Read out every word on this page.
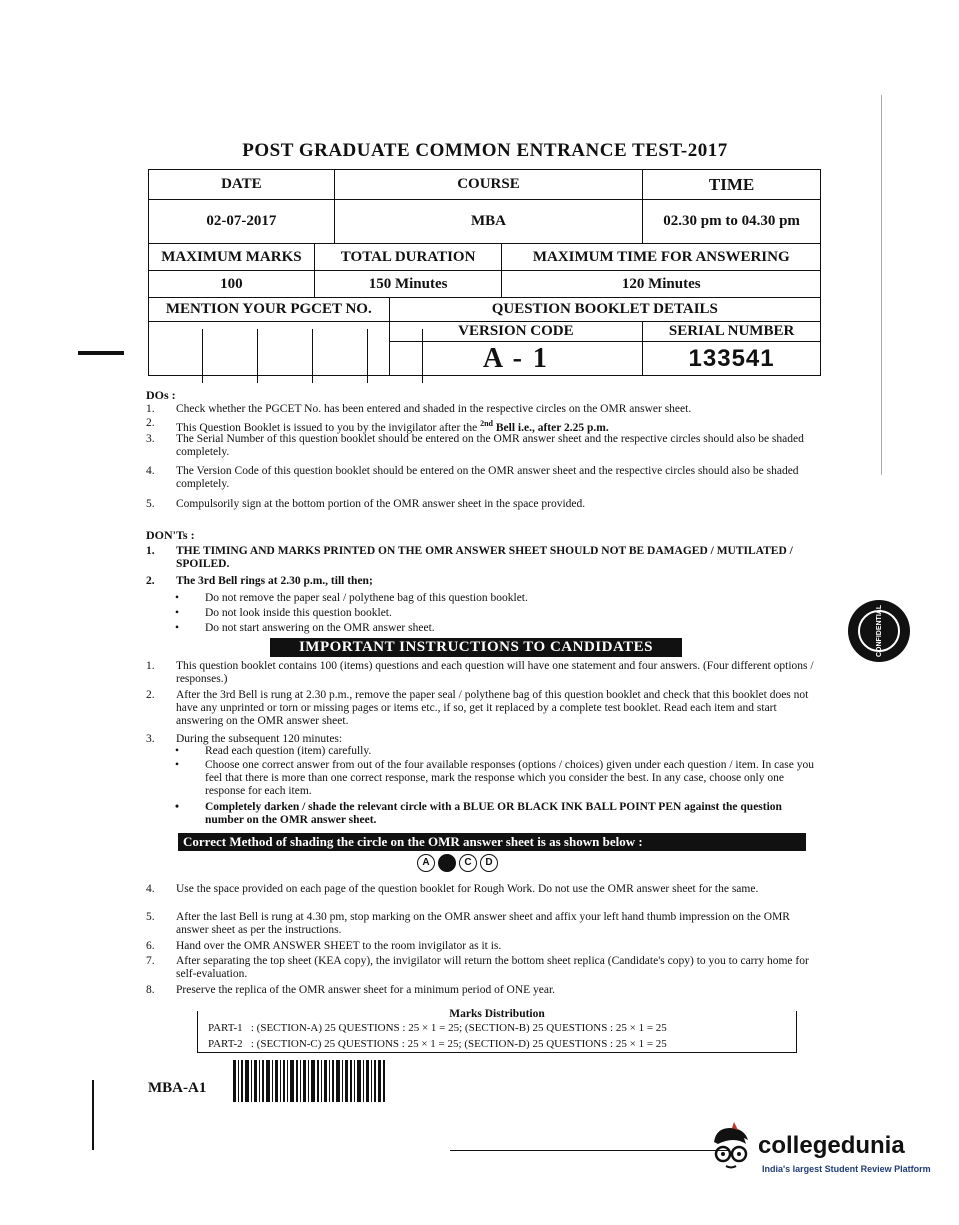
POST GRADUATE COMMON ENTRANCE TEST-2017
DATE		COURSE			TIME
02-07-2017		MBA			02.30 pm to 04.30 pm
MAXIMUM MARKS	TOTAL DURATION			MAXIMUM TIME FOR ANSWERING	
100	150 Minutes			120 Minutes	
MENTION YOUR PGCET NO.			QUESTION BOOKLET DETAILS		
			VERSION CODE		SERIAL NUMBER
			A - 1		133541
DOs :
1. Check whether the PGCET No. has been entered and shaded in the respective circles on the OMR answer sheet.
2. This Question Booklet is issued to you by the invigilator after the $^{2nd}$ Bell i.e., after 2.25 p.m.
3. The Serial Number of this question booklet should be entered on the OMR answer sheet and the respective circles should also be shaded completely.
4. The Version Code of this question booklet should be entered on the OMR answer sheet and the respective circles should also be shaded completely.
5. Compulsorily sign at the bottom portion of the OMR answer sheet in the space provided.
DON'Ts :
1. THE TIMING AND MARKS PRINTED ON THE OMR ANSWER SHEET SHOULD NOT BE DAMAGED / MUTILATED / SPOILED.
2. The 3rd Bell rings at 2.30 p.m., till then;
• Do not remove the paper seal / polythene bag of this question booklet.
• Do not look inside this question booklet.
• Do not start answering on the OMR answer sheet.
IMPORTANT INSTRUCTIONS TO CANDIDATES
1. This question booklet contains 100 (items) questions and each question will have one statement and four answers. (Four different options / responses.)
2. After the 3rd Bell is rung at 2.30 p.m., remove the paper seal / polythene bag of this question booklet and check that this booklet does not have any unprinted or torn or missing pages or items etc., if so, get it replaced by a complete test booklet. Read each item and start answering on the OMR answer sheet.
3. During the subsequent 120 minutes:
• Read each question (item) carefully.
• Choose one correct answer from out of the four available responses (options / choices) given under each question / item. In case you feel that there is more than one correct response, mark the response which you consider the best. In any case, choose only one response for each item.
• Completely darken / shade the relevant circle with a BLUE OR BLACK INK BALL POINT PEN against the question number on the OMR answer sheet.
Correct Method of shading the circle on the OMR answer sheet is as shown below :
A	C	D
4. Use the space provided on each page of the question booklet for Rough Work. Do not use the OMR answer sheet for the same.
5. After the last Bell is rung at 4.30 pm, stop marking on the OMR answer sheet and affix your left hand thumb impression on the OMR answer sheet as per the instructions.
6. Hand over the OMR ANSWER SHEET to the room invigilator as it is.
7. After separating the top sheet (KEA copy), the invigilator will return the bottom sheet replica (Candidate's copy) to you to carry home for self-evaluation.
8. Preserve the replica of the OMR answer sheet for a minimum period of ONE year.
Marks Distribution
PART-1 : (SECTION-A) 25 QUESTIONS : 25 × 1 = 25; (SECTION-B) 25 QUESTIONS : 25 × 1 = 25
PART-2 : (SECTION-C) 25 QUESTIONS : 25 × 1 = 25; (SECTION-D) 25 QUESTIONS : 25 × 1 = 25
MBA-A1
CONFIDENTIAL
collegedunia
India's largest Student Review Platform
